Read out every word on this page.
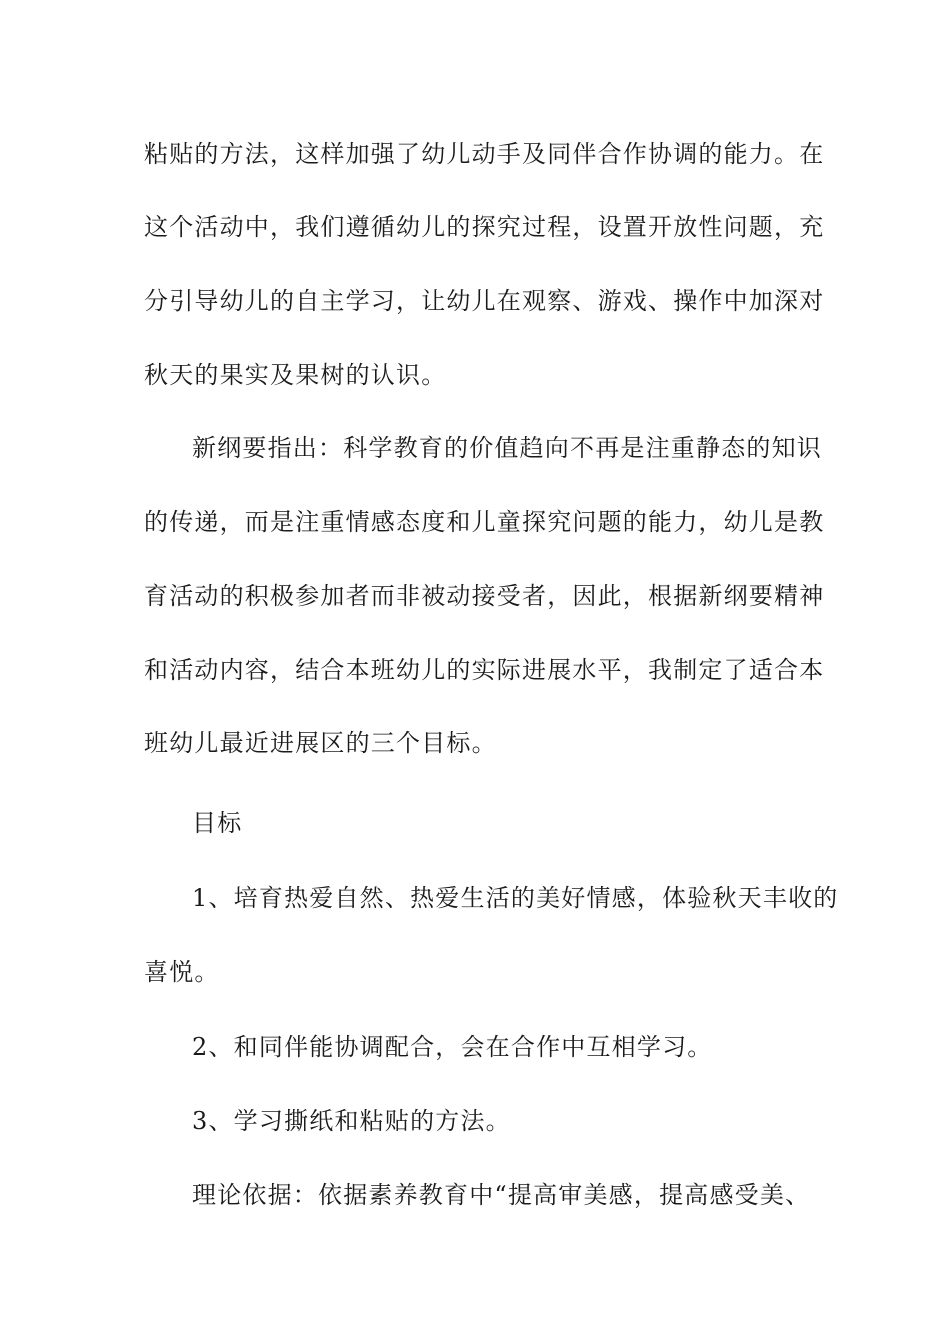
粘贴的方法，这样加强了幼儿动手及同伴合作协调的能力。在
这个活动中，我们遵循幼儿的探究过程，设置开放性问题，充
分引导幼儿的自主学习，让幼儿在观察、游戏、操作中加深对
秋天的果实及果树的认识。
新纲要指出：科学教育的价值趋向不再是注重静态的知识
的传递，而是注重情感态度和儿童探究问题的能力，幼儿是教
育活动的积极参加者而非被动接受者，因此，根据新纲要精神
和活动内容，结合本班幼儿的实际进展水平，我制定了适合本
班幼儿最近进展区的三个目标。
目标
1、培育热爱自然、热爱生活的美好情感，体验秋天丰收的
喜悦。
2、和同伴能协调配合，会在合作中互相学习。
3、学习撕纸和粘贴的方法。
理论依据：依据素养教育中“提高审美感，提高感受美、
